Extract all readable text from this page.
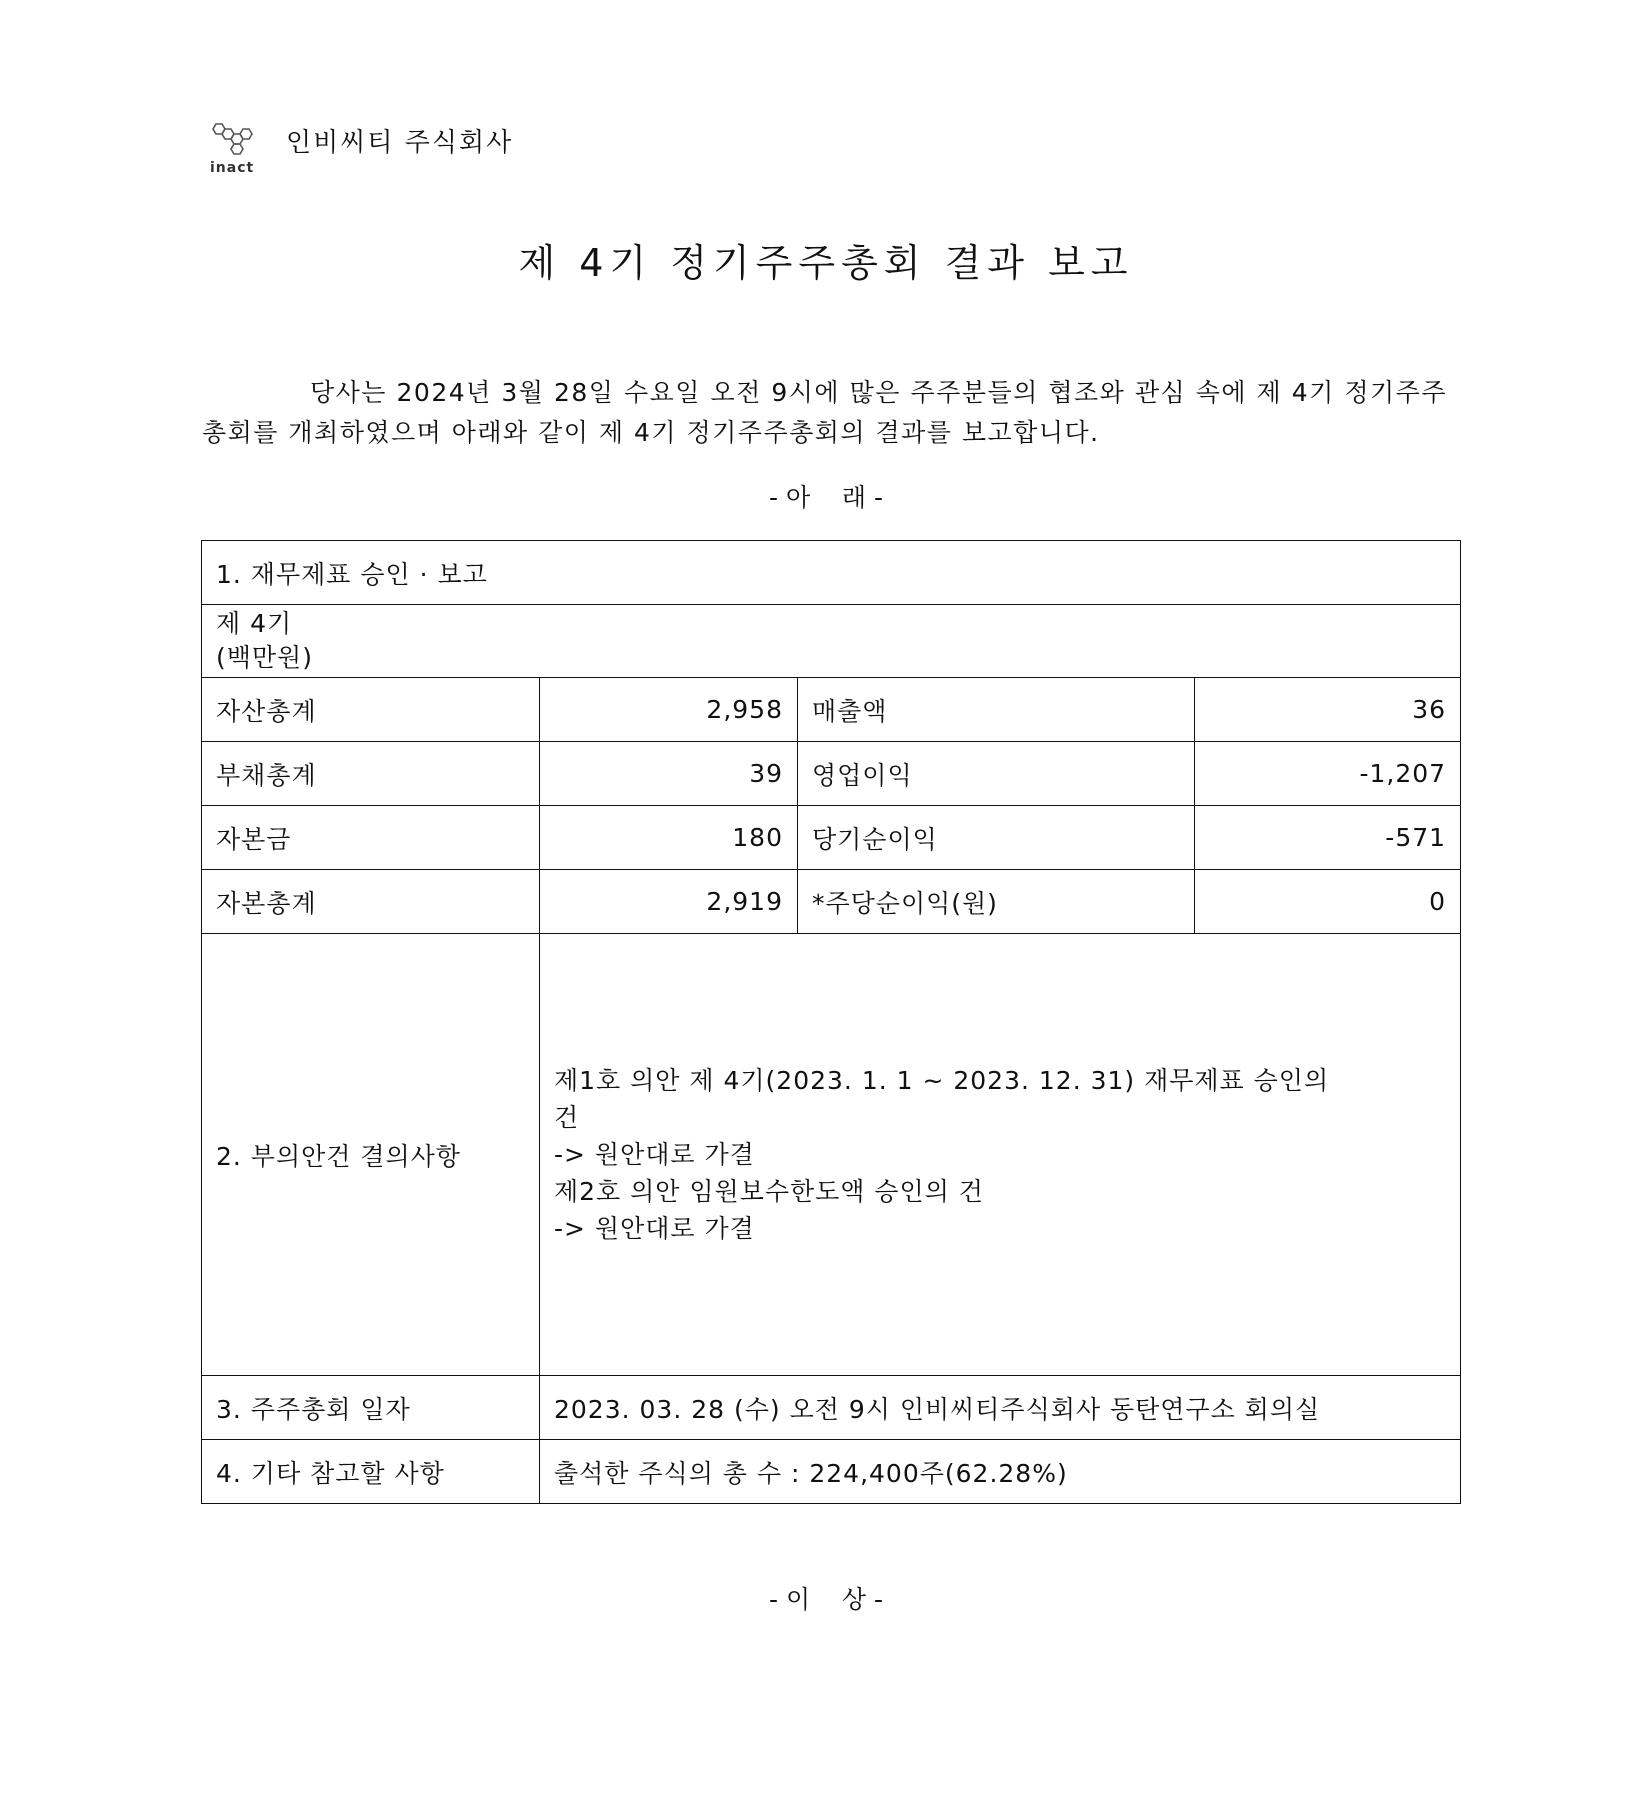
inact
인비씨티 주식회사
제 4기 정기주주총회 결과 보고
당사는 2024년 3월 28일 수요일 오전 9시에 많은 주주분들의 협조와 관심 속에 제 4기 정기주주총회를 개최하였으며 아래와 같이 제 4기 정기주주총회의 결과를 보고합니다.
- 아    래 -
1. 재무제표 승인 · 보고			

제 4기
(백만원)			

자산총계	2,958	매출액	36
부채총계	39	영업이익	-1,207
자본금	180	당기순이익	-571
자본총계	2,919	*주당순이익(원)	0
2. 부의안건 결의사항	제1호 의안 제 4기(2023. 1. 1 ~ 2023. 12. 31) 재무제표 승인의
건
-> 원안대로 가결
제2호 의안 임원보수한도액 승인의 건
-> 원안대로 가결		

3. 주주총회 일자	2023. 03. 28 (수) 오전 9시 인비씨티주식회사 동탄연구소 회의실		
4. 기타 참고할 사항	출석한 주식의 총 수 : 224,400주(62.28%)		
- 이    상 -
